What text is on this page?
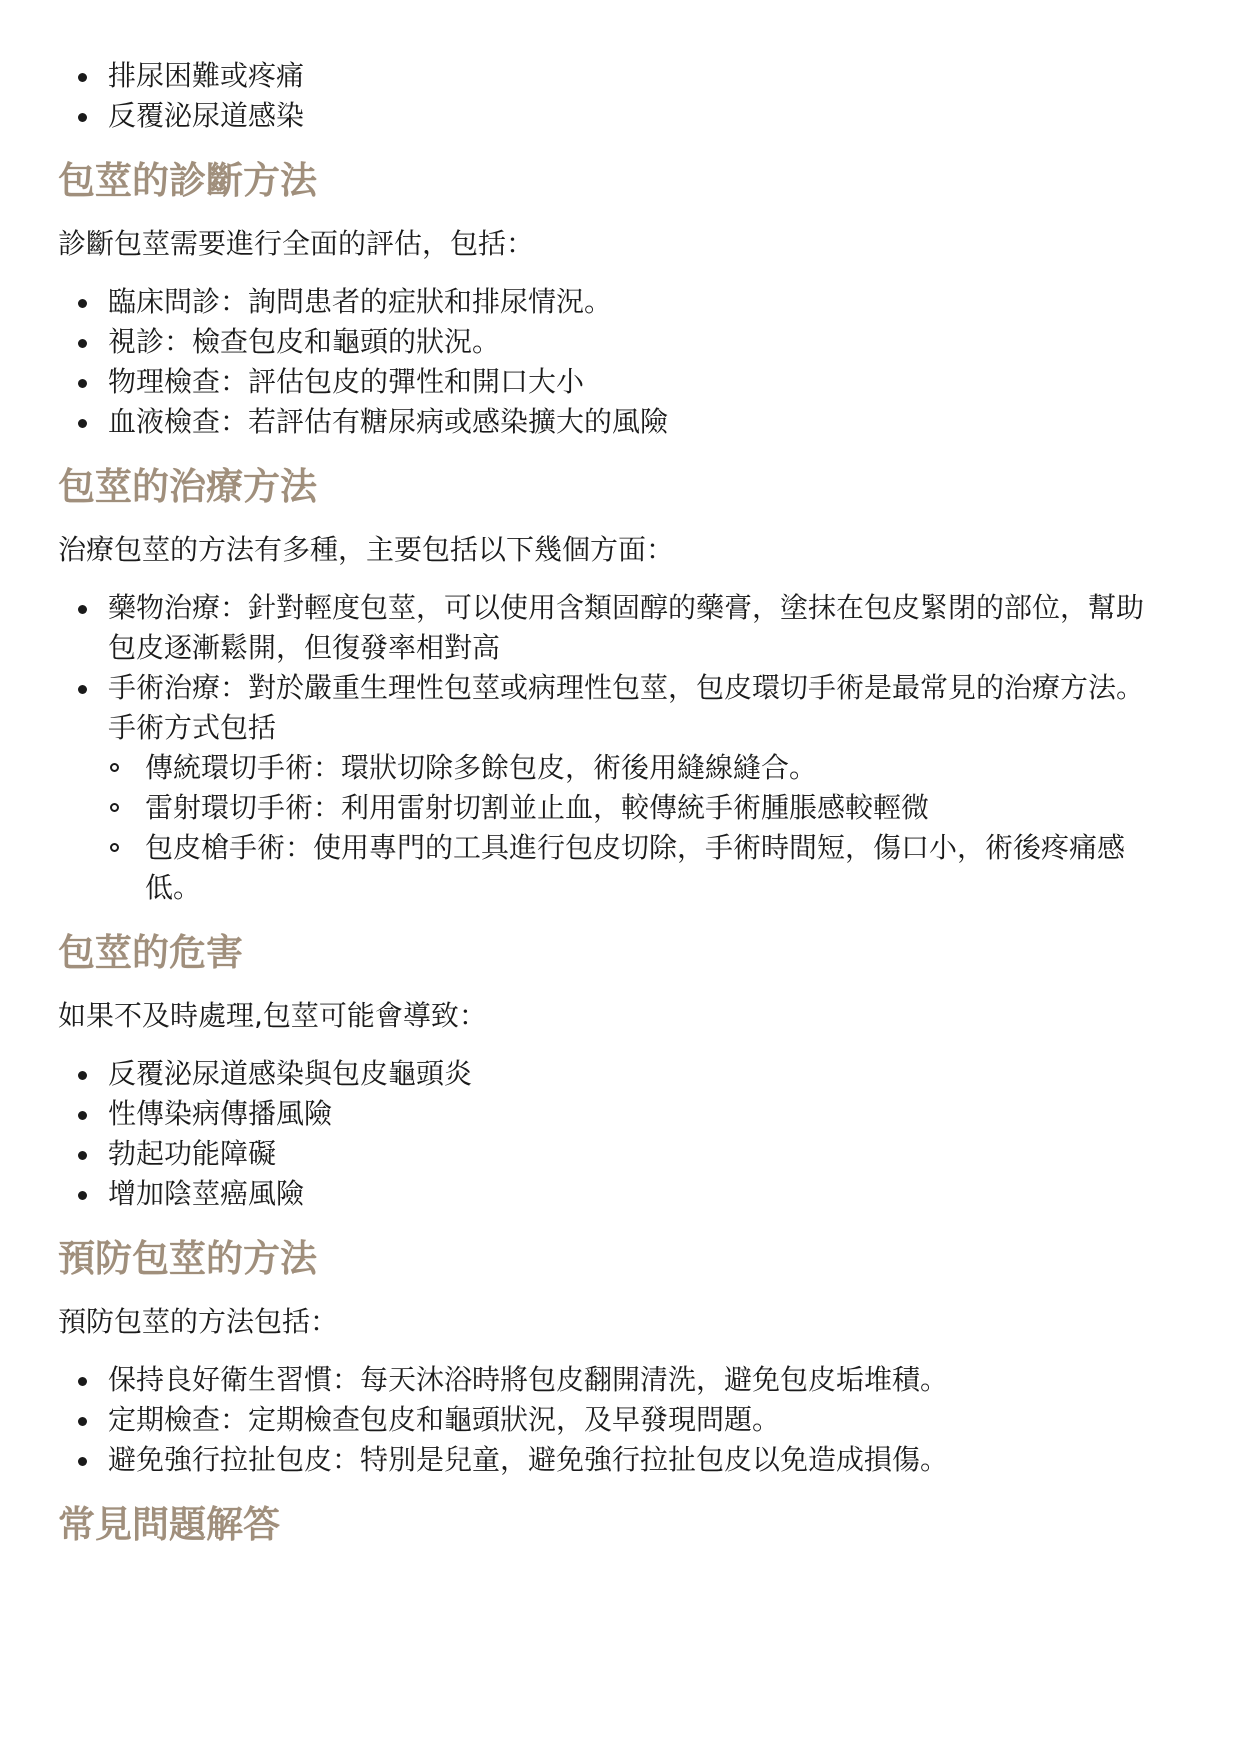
排尿困難或疼痛
反覆泌尿道感染
包莖的診斷方法

診斷包莖需要進行全面的評估，包括：

臨床問診：詢問患者的症狀和排尿情況。
視診：檢查包皮和龜頭的狀況。
物理檢查：評估包皮的彈性和開口大小
血液檢查：若評估有糖尿病或感染擴大的風險
包莖的治療方法

治療包莖的方法有多種，主要包括以下幾個方面：

藥物治療：針對輕度包莖，可以使用含類固醇的藥膏，塗抹在包皮緊閉的部位，幫助包皮逐漸鬆開，但復發率相對高
手術治療：對於嚴重生理性包莖或病理性包莖，包皮環切手術是最常見的治療方法。手術方式包括
傳統環切手術：環狀切除多餘包皮，術後用縫線縫合。
雷射環切手術：利用雷射切割並止血，較傳統手術腫脹感較輕微
包皮槍手術：使用專門的工具進行包皮切除，手術時間短，傷口小，術後疼痛感低。
包莖的危害

如果不及時處理,包莖可能會導致：

反覆泌尿道感染與包皮龜頭炎
性傳染病傳播風險
勃起功能障礙
增加陰莖癌風險
預防包莖的方法

預防包莖的方法包括：

保持良好衛生習慣：每天沐浴時將包皮翻開清洗，避免包皮垢堆積。
定期檢查：定期檢查包皮和龜頭狀況，及早發現問題。
避免強行拉扯包皮：特別是兒童，避免強行拉扯包皮以免造成損傷。
常見問題解答
